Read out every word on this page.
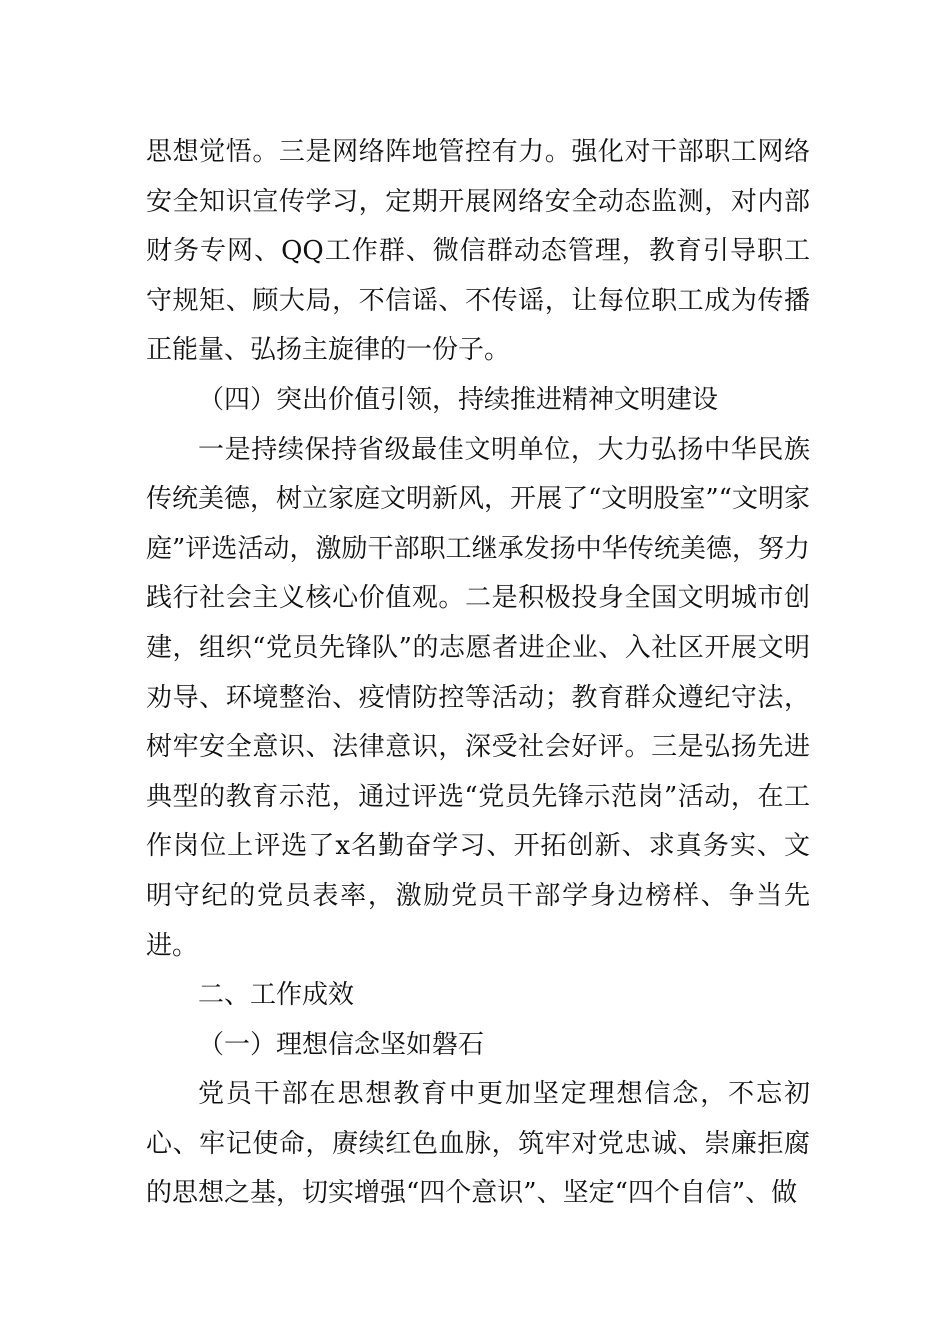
思想觉悟。三是网络阵地管控有力。强化对干部职工网络安全知识宣传学习，定期开展网络安全动态监测，对内部财务专网、QQ工作群、微信群动态管理，教育引导职工守规矩、顾大局，不信谣、不传谣，让每位职工成为传播正能量、弘扬主旋律的一份子。

（四）突出价值引领，持续推进精神文明建设

一是持续保持省级最佳文明单位，大力弘扬中华民族传统美德，树立家庭文明新风，开展了“文明股室”“文明家庭”评选活动，激励干部职工继承发扬中华传统美德，努力践行社会主义核心价值观。二是积极投身全国文明城市创建，组织“党员先锋队”的志愿者进企业、入社区开展文明劝导、环境整治、疫情防控等活动；教育群众遵纪守法，树牢安全意识、法律意识，深受社会好评。三是弘扬先进典型的教育示范，通过评选“党员先锋示范岗”活动，在工作岗位上评选了x名勤奋学习、开拓创新、求真务实、文明守纪的党员表率，激励党员干部学身边榜样、争当先进。

二、工作成效

（一）理想信念坚如磐石

党员干部在思想教育中更加坚定理想信念，不忘初心、牢记使命，赓续红色血脉，筑牢对党忠诚、崇廉拒腐的思想之基，切实增强“四个意识”、坚定“四个自信”、做
